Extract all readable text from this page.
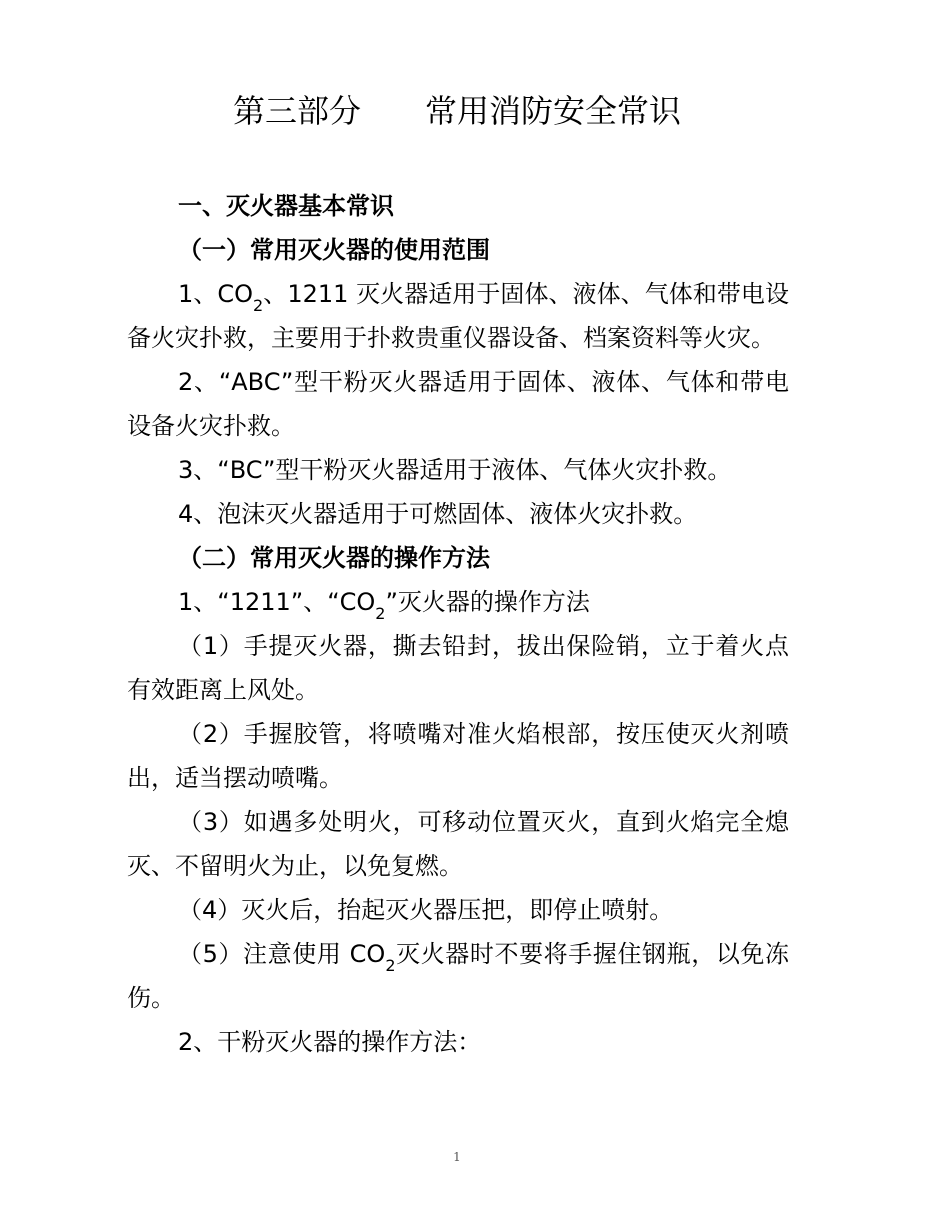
第三部分　　常用消防安全常识

一、灭火器基本常识

（一）常用灭火器的使用范围

1、$CO_2$、1211 灭火器适用于固体、液体、气体和带电设备火灾扑救，主要用于扑救贵重仪器设备、档案资料等火灾。

2、“ABC”型干粉灭火器适用于固体、液体、气体和带电设备火灾扑救。

3、“BC”型干粉灭火器适用于液体、气体火灾扑救。

4、泡沫灭火器适用于可燃固体、液体火灾扑救。

（二）常用灭火器的操作方法

1、“1211”、“$CO_2$”灭火器的操作方法

（1）手提灭火器，撕去铅封，拔出保险销，立于着火点有效距离上风处。

（2）手握胶管，将喷嘴对准火焰根部，按压使灭火剂喷出，适当摆动喷嘴。

（3）如遇多处明火，可移动位置灭火，直到火焰完全熄灭、不留明火为止，以免复燃。

（4）灭火后，抬起灭火器压把，即停止喷射。

（5）注意使用 $CO_2$灭火器时不要将手握住钢瓶，以免冻伤。

2、干粉灭火器的操作方法：

1
